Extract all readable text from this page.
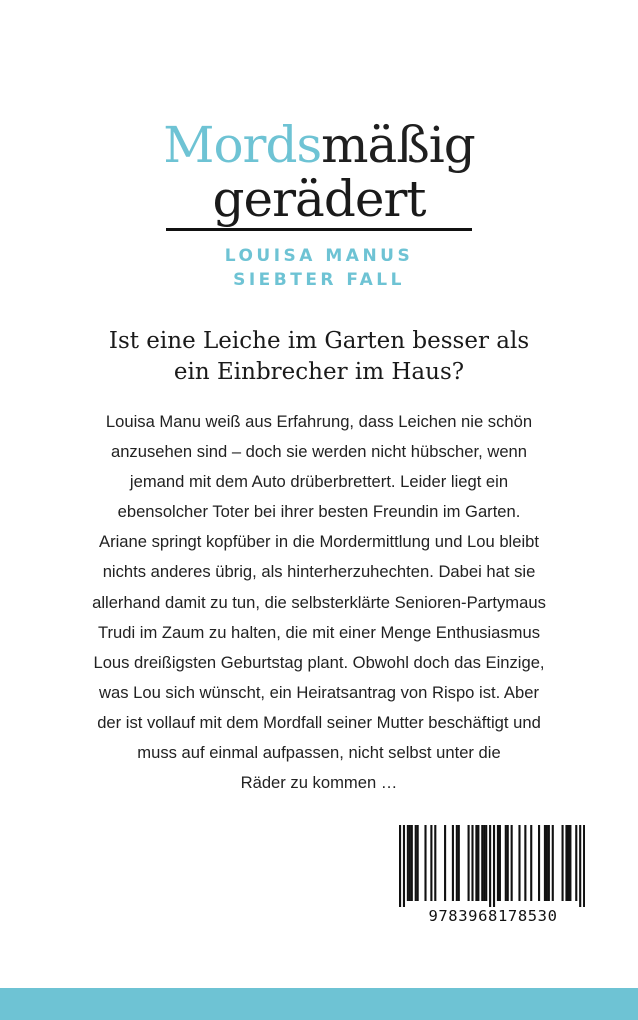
Mordsmäßig
gerädert
LOUISA MANUS
SIEBTER FALL
Ist eine Leiche im Garten besser als
ein Einbrecher im Haus?
Louisa Manu weiß aus Erfahrung, dass Leichen nie schön
anzusehen sind – doch sie werden nicht hübscher, wenn
jemand mit dem Auto drüberbrettert. Leider liegt ein
ebensolcher Toter bei ihrer besten Freundin im Garten.
Ariane springt kopfüber in die Mordermittlung und Lou bleibt
nichts anderes übrig, als hinterherzuhechten. Dabei hat sie
allerhand damit zu tun, die selbsterklärte Senioren-Partymaus
Trudi im Zaum zu halten, die mit einer Menge Enthusiasmus
Lous dreißigsten Geburtstag plant. Obwohl doch das Einzige,
was Lou sich wünscht, ein Heiratsantrag von Rispo ist. Aber
der ist vollauf mit dem Mordfall seiner Mutter beschäftigt und
muss auf einmal aufpassen, nicht selbst unter die
Räder zu kommen …
9783968178530
